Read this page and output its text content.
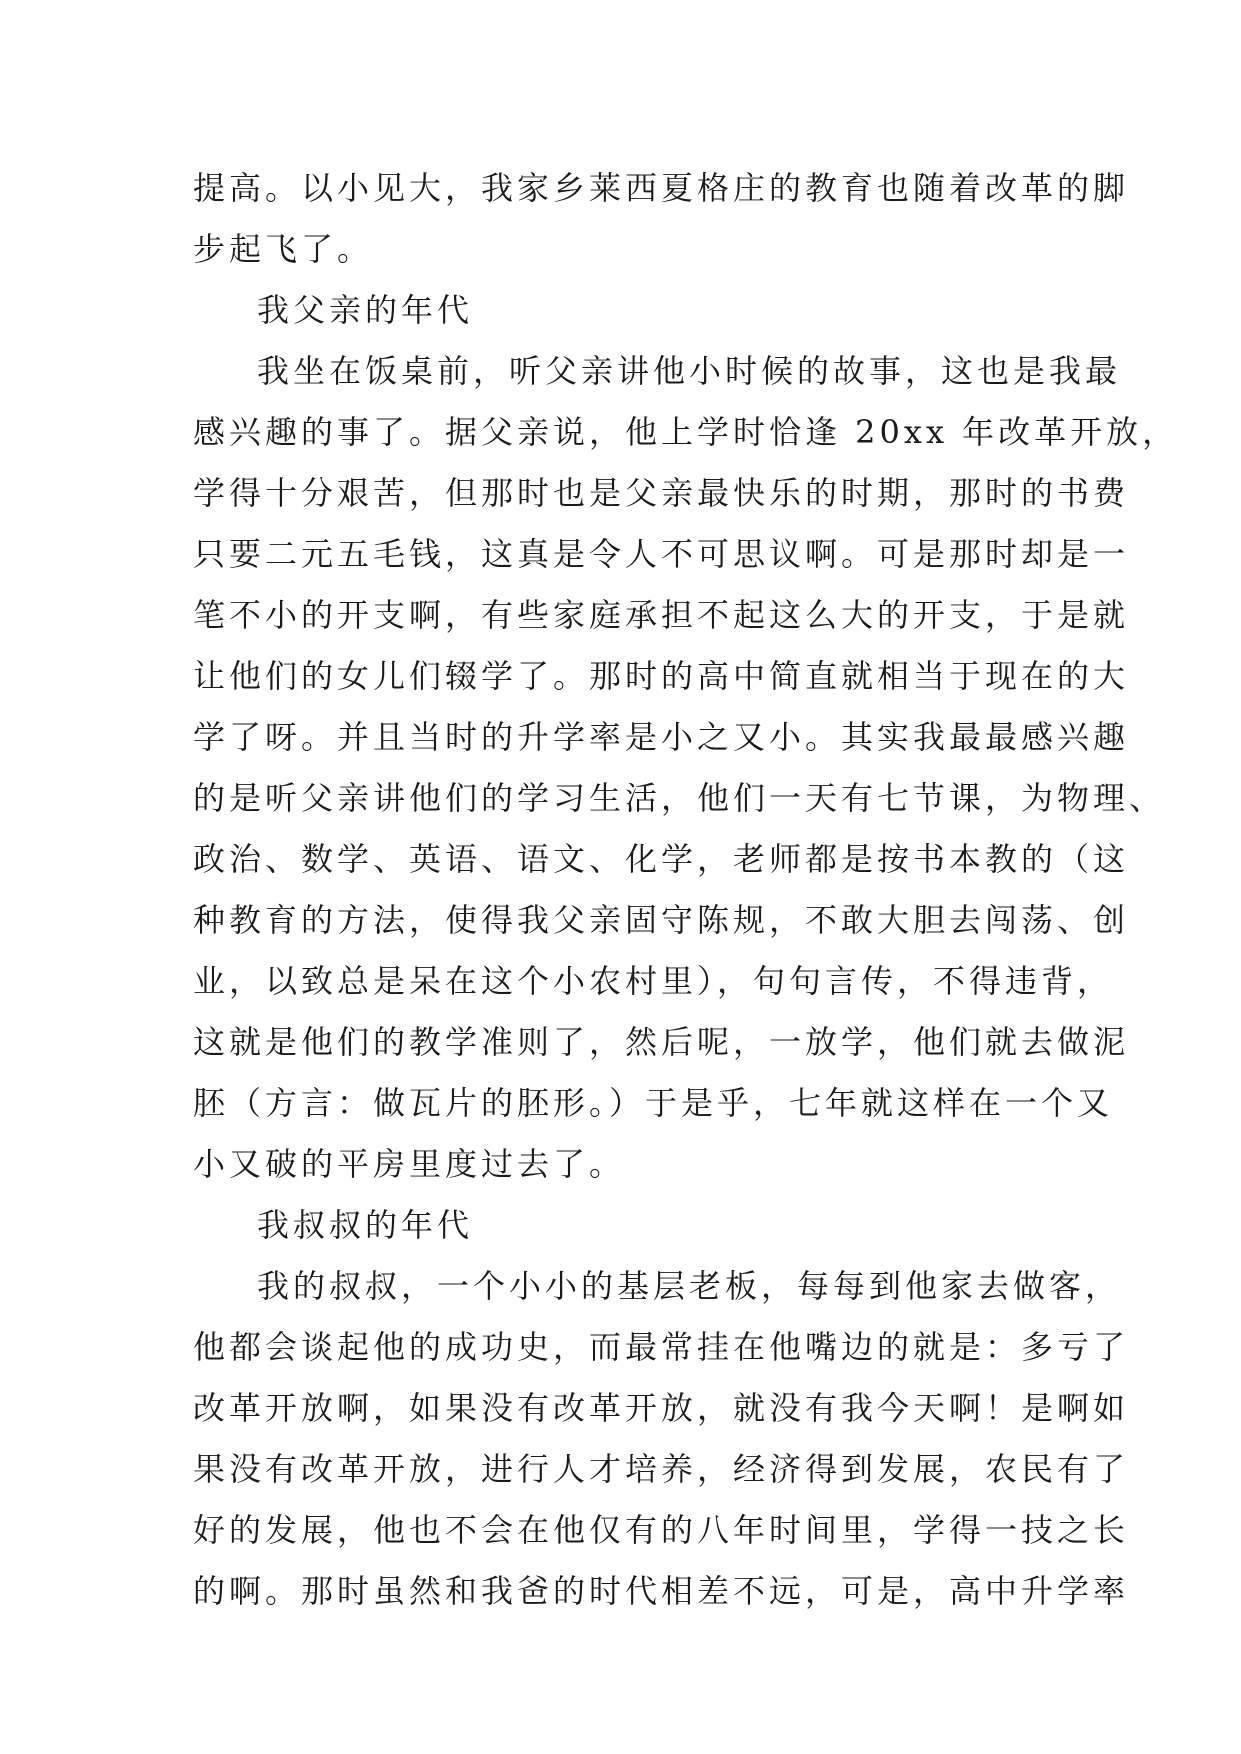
提高。以小见大，我家乡莱西夏格庄的教育也随着改革的脚
步起飞了。
我父亲的年代
我坐在饭桌前，听父亲讲他小时候的故事，这也是我最
感兴趣的事了。据父亲说，他上学时恰逢 20xx 年改革开放，
学得十分艰苦，但那时也是父亲最快乐的时期，那时的书费
只要二元五毛钱，这真是令人不可思议啊。可是那时却是一
笔不小的开支啊，有些家庭承担不起这么大的开支，于是就
让他们的女儿们辍学了。那时的高中简直就相当于现在的大
学了呀。并且当时的升学率是小之又小。其实我最最感兴趣
的是听父亲讲他们的学习生活，他们一天有七节课，为物理、
政治、数学、英语、语文、化学，老师都是按书本教的（这
种教育的方法，使得我父亲固守陈规，不敢大胆去闯荡、创
业，以致总是呆在这个小农村里），句句言传，不得违背，
这就是他们的教学准则了，然后呢，一放学，他们就去做泥
胚（方言：做瓦片的胚形。）于是乎，七年就这样在一个又
小又破的平房里度过去了。
我叔叔的年代
我的叔叔，一个小小的基层老板，每每到他家去做客，
他都会谈起他的成功史，而最常挂在他嘴边的就是：多亏了
改革开放啊，如果没有改革开放，就没有我今天啊！是啊如
果没有改革开放，进行人才培养，经济得到发展，农民有了
好的发展，他也不会在他仅有的八年时间里，学得一技之长
的啊。那时虽然和我爸的时代相差不远，可是，高中升学率
